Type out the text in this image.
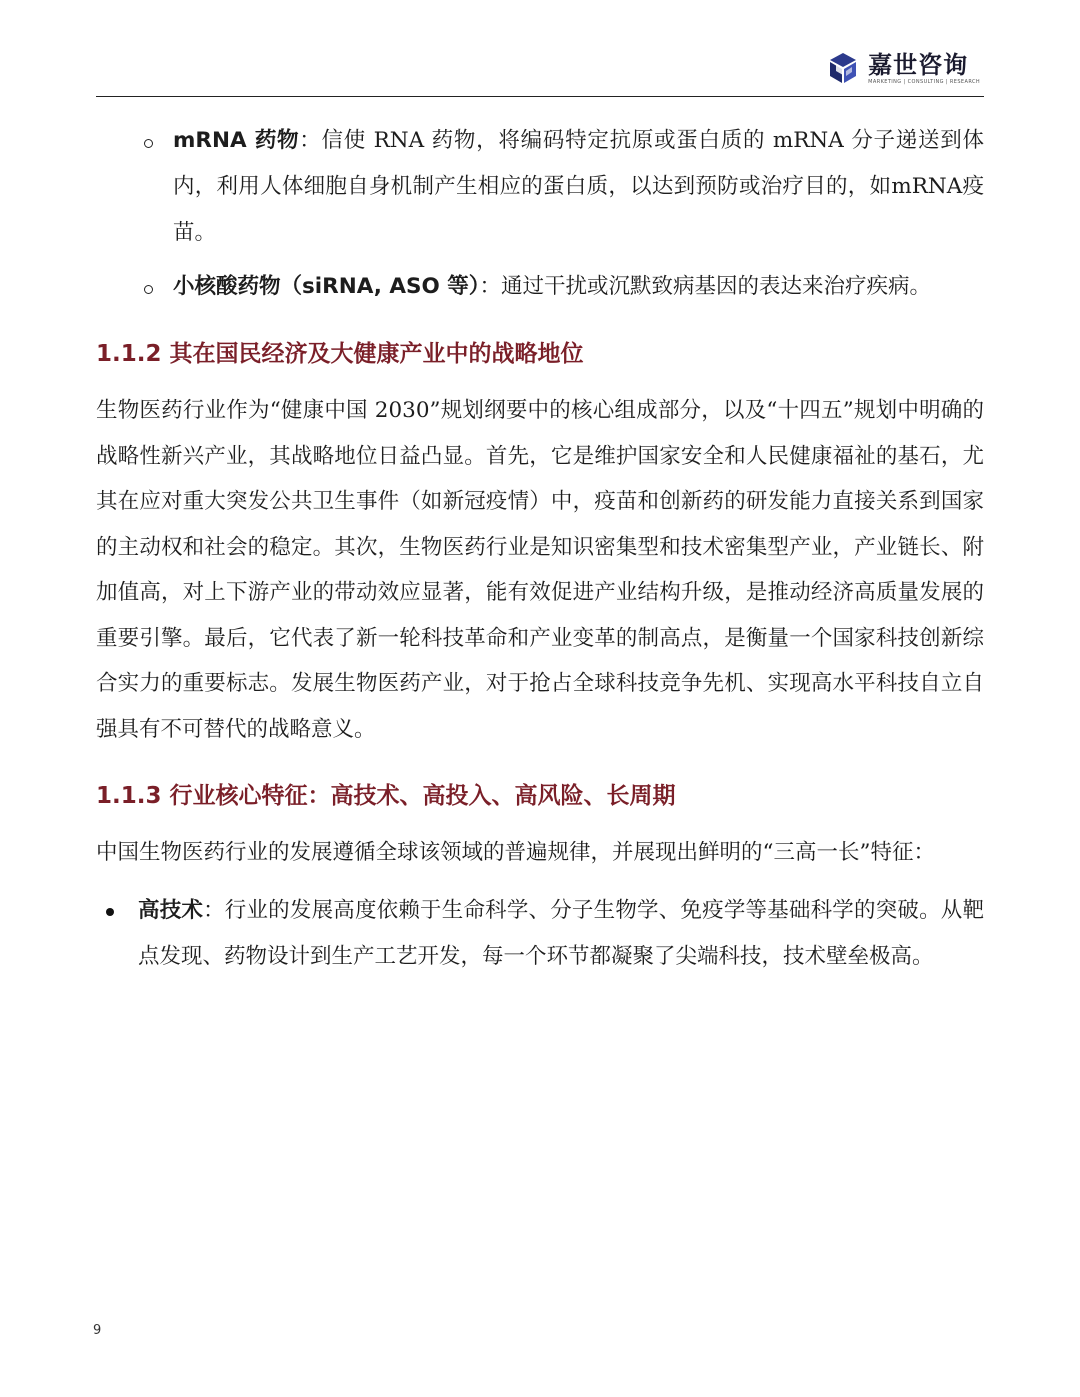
嘉世咨询
MARKETING | CONSULTING | RESEARCH
mRNA 药物：信使 RNA 药物，将编码特定抗原或蛋白质的 mRNA 分子递送到体内，利用人体细胞自身机制产生相应的蛋白质，以达到预防或治疗目的，如mRNA疫苗。
小核酸药物（siRNA, ASO 等）：通过干扰或沉默致病基因的表达来治疗疾病。
1.1.2 其在国民经济及大健康产业中的战略地位

生物医药行业作为“健康中国 2030”规划纲要中的核心组成部分，以及“十四五”规划中明确的战略性新兴产业，其战略地位日益凸显。首先，它是维护国家安全和人民健康福祉的基石，尤其在应对重大突发公共卫生事件（如新冠疫情）中，疫苗和创新药的研发能力直接关系到国家的主动权和社会的稳定。其次，生物医药行业是知识密集型和技术密集型产业，产业链长、附加值高，对上下游产业的带动效应显著，能有效促进产业结构升级，是推动经济高质量发展的重要引擎。最后，它代表了新一轮科技革命和产业变革的制高点，是衡量一个国家科技创新综合实力的重要标志。发展生物医药产业，对于抢占全球科技竞争先机、实现高水平科技自立自强具有不可替代的战略意义。

1.1.3 行业核心特征：高技术、高投入、高风险、长周期

中国生物医药行业的发展遵循全球该领域的普遍规律，并展现出鲜明的“三高一长”特征：

高技术：行业的发展高度依赖于生命科学、分子生物学、免疫学等基础科学的突破。从靶点发现、药物设计到生产工艺开发，每一个环节都凝聚了尖端科技，技术壁垒极高。
9
